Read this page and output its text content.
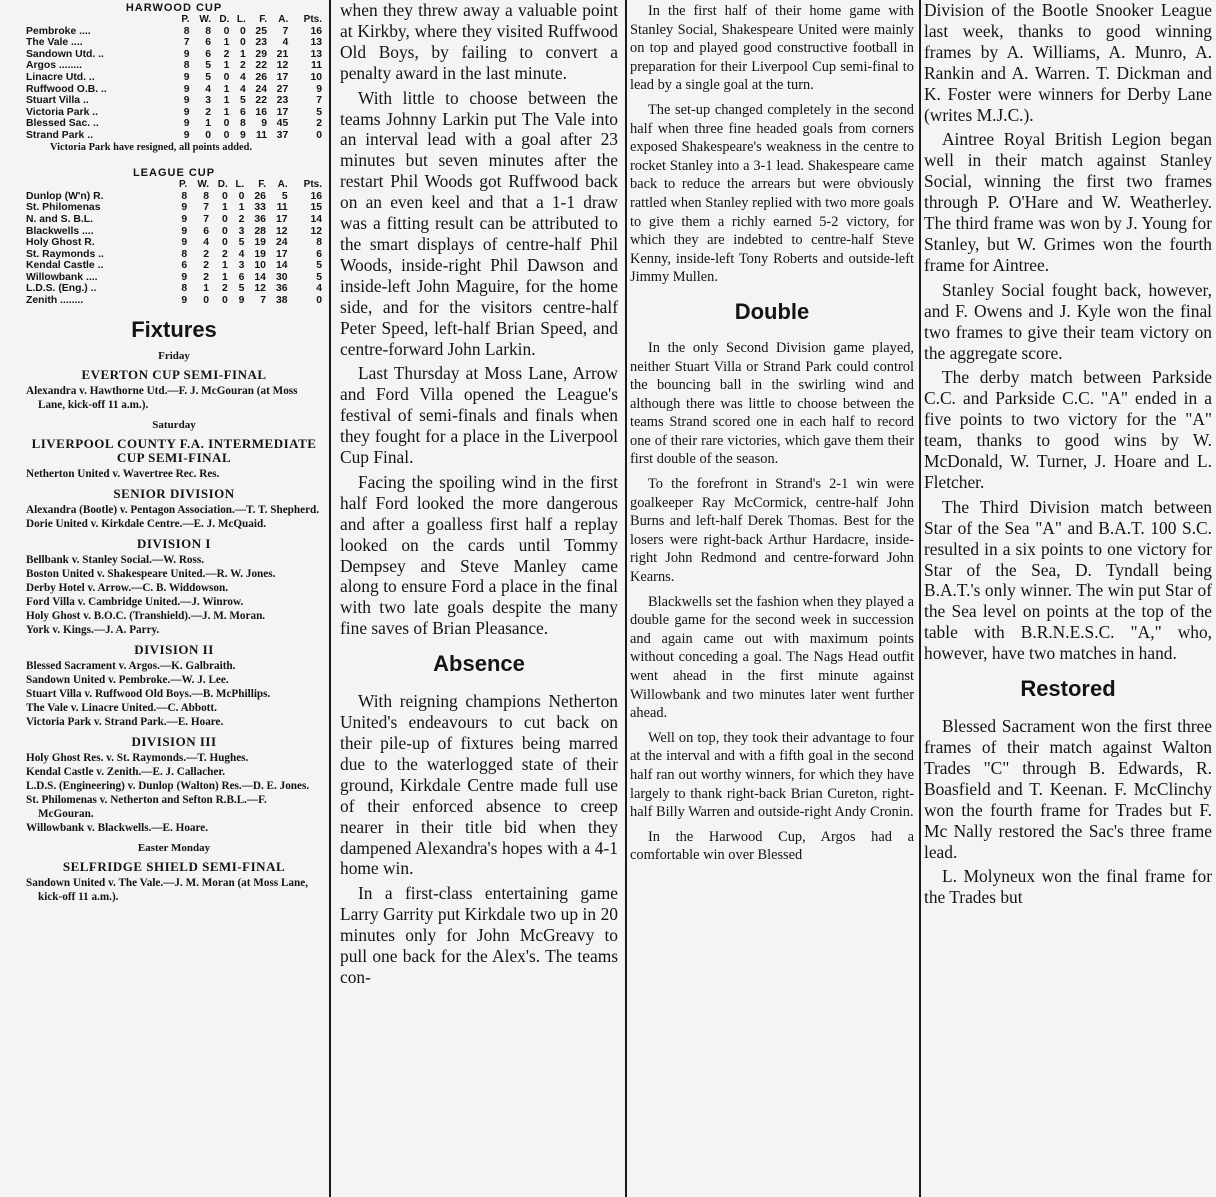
HARWOOD CUP
	P.	W.	D.	L.	F.	A.	Pts.
Pembroke ....	8	8	0	0	25	7	16
The Vale ....	7	6	1	0	23	4	13
Sandown Utd. ..	9	6	2	1	29	21	13
Argos ........	8	5	1	2	22	12	11
Linacre Utd. ..	9	5	0	4	26	17	10
Ruffwood O.B. ..	9	4	1	4	24	27	9
Stuart Villa ..	9	3	1	5	22	23	7
Victoria Park ..	9	2	1	6	16	17	5
Blessed Sac. ..	9	1	0	8	9	45	2
Strand Park ..	9	0	0	9	11	37	0
Victoria Park have resigned, all points added.
LEAGUE CUP
	P.	W.	D.	L.	F.	A.	Pts.
Dunlop (W'n) R.	8	8	0	0	26	5	16
St. Philomenas	9	7	1	1	33	11	15
N. and S. B.L.	9	7	0	2	36	17	14
Blackwells ....	9	6	0	3	28	12	12
Holy Ghost R.	9	4	0	5	19	24	8
St. Raymonds ..	8	2	2	4	19	17	6
Kendal Castle ..	6	2	1	3	10	14	5
Willowbank ....	9	2	1	6	14	30	5
L.D.S. (Eng.) ..	8	1	2	5	12	36	4
Zenith ........	9	0	0	9	7	38	0
Fixtures
Friday
EVERTON CUP SEMI-FINAL
Alexandra v. Hawthorne Utd.—F. J. McGouran (at Moss Lane, kick-off 11 a.m.).
Saturday
LIVERPOOL COUNTY F.A. INTERMEDIATE CUP SEMI-FINAL
Netherton United v. Wavertree Rec. Res.
SENIOR DIVISION
Alexandra (Bootle) v. Pentagon Association.—T. T. Shepherd.
Dorie United v. Kirkdale Centre.—E. J. McQuaid.
DIVISION I
Bellbank v. Stanley Social.—W. Ross.
Boston United v. Shakespeare United.—R. W. Jones.
Derby Hotel v. Arrow.—C. B. Widdowson.
Ford Villa v. Cambridge United.—J. Winrow.
Holy Ghost v. B.O.C. (Transhield).—J. M. Moran.
York v. Kings.—J. A. Parry.
DIVISION II
Blessed Sacrament v. Argos.—K. Galbraith.
Sandown United v. Pembroke.—W. J. Lee.
Stuart Villa v. Ruffwood Old Boys.—B. McPhillips.
The Vale v. Linacre United.—C. Abbott.
Victoria Park v. Strand Park.—E. Hoare.
DIVISION III
Holy Ghost Res. v. St. Raymonds.—T. Hughes.
Kendal Castle v. Zenith.—E. J. Callacher.
L.D.S. (Engineering) v. Dunlop (Walton) Res.—D. E. Jones.
St. Philomenas v. Netherton and Sefton R.B.L.—F. McGouran.
Willowbank v. Blackwells.—E. Hoare.
Easter Monday
SELFRIDGE SHIELD SEMI-FINAL
Sandown United v. The Vale.—J. M. Moran (at Moss Lane, kick-off 11 a.m.).

when they threw away a valuable point at Kirkby, where they visited Ruffwood Old Boys, by failing to convert a penalty award in the last minute.

With little to choose between the teams Johnny Larkin put The Vale into an interval lead with a goal after 23 minutes but seven minutes after the restart Phil Woods got Ruffwood back on an even keel and that a 1-1 draw was a fitting result can be attributed to the smart displays of centre-half Phil Woods, inside-right Phil Dawson and inside-left John Maguire, for the home side, and for the visitors centre-half Peter Speed, left-half Brian Speed, and centre-forward John Larkin.

Last Thursday at Moss Lane, Arrow and Ford Villa opened the League's festival of semi-finals and finals when they fought for a place in the Liverpool Cup Final.

Facing the spoiling wind in the first half Ford looked the more dangerous and after a goalless first half a replay looked on the cards until Tommy Dempsey and Steve Manley came along to ensure Ford a place in the final with two late goals despite the many fine saves of Brian Pleasance.

Absence

With reigning champions Netherton United's endeavours to cut back on their pile-up of fixtures being marred due to the waterlogged state of their ground, Kirkdale Centre made full use of their enforced absence to creep nearer in their title bid when they dampened Alexandra's hopes with a 4-1 home win.

In a first-class entertaining game Larry Garrity put Kirkdale two up in 20 minutes only for John McGreavy to pull one back for the Alex's. The teams con-

In the first half of their home game with Stanley Social, Shakespeare United were mainly on top and played good constructive football in preparation for their Liverpool Cup semi-final to lead by a single goal at the turn.

The set-up changed completely in the second half when three fine headed goals from corners exposed Shakespeare's weakness in the centre to rocket Stanley into a 3-1 lead. Shakespeare came back to reduce the arrears but were obviously rattled when Stanley replied with two more goals to give them a richly earned 5-2 victory, for which they are indebted to centre-half Steve Kenny, inside-left Tony Roberts and outside-left Jimmy Mullen.

Double

In the only Second Division game played, neither Stuart Villa or Strand Park could control the bouncing ball in the swirling wind and although there was little to choose between the teams Strand scored one in each half to record one of their rare victories, which gave them their first double of the season.

To the forefront in Strand's 2-1 win were goalkeeper Ray McCormick, centre-half John Burns and left-half Derek Thomas. Best for the losers were right-back Arthur Hardacre, inside-right John Redmond and centre-forward John Kearns.

Blackwells set the fashion when they played a double game for the second week in succession and again came out with maximum points without conceding a goal. The Nags Head outfit went ahead in the first minute against Willowbank and two minutes later went further ahead.

Well on top, they took their advantage to four at the interval and with a fifth goal in the second half ran out worthy winners, for which they have largely to thank right-back Brian Cureton, right-half Billy Warren and outside-right Andy Cronin.

In the Harwood Cup, Argos had a comfortable win over Blessed

Division of the Bootle Snooker League last week, thanks to good winning frames by A. Williams, A. Munro, A. Rankin and A. Warren. T. Dickman and K. Foster were winners for Derby Lane (writes M.J.C.).

Aintree Royal British Legion began well in their match against Stanley Social, winning the first two frames through P. O'Hare and W. Weatherley. The third frame was won by J. Young for Stanley, but W. Grimes won the fourth frame for Aintree.

Stanley Social fought back, however, and F. Owens and J. Kyle won the final two frames to give their team victory on the aggregate score.

The derby match between Parkside C.C. and Parkside C.C. "A" ended in a five points to two victory for the "A" team, thanks to good wins by W. McDonald, W. Turner, J. Hoare and L. Fletcher.

The Third Division match between Star of the Sea "A" and B.A.T. 100 S.C. resulted in a six points to one victory for Star of the Sea, D. Tyndall being B.A.T.'s only winner. The win put Star of the Sea level on points at the top of the table with B.R.N.E.S.C. "A," who, however, have two matches in hand.

Restored

Blessed Sacrament won the first three frames of their match against Walton Trades "C" through B. Edwards, R. Boasfield and T. Keenan. F. McClinchy won the fourth frame for Trades but F. Mc Nally restored the Sac's three frame lead.

L. Molyneux won the final frame for the Trades but
